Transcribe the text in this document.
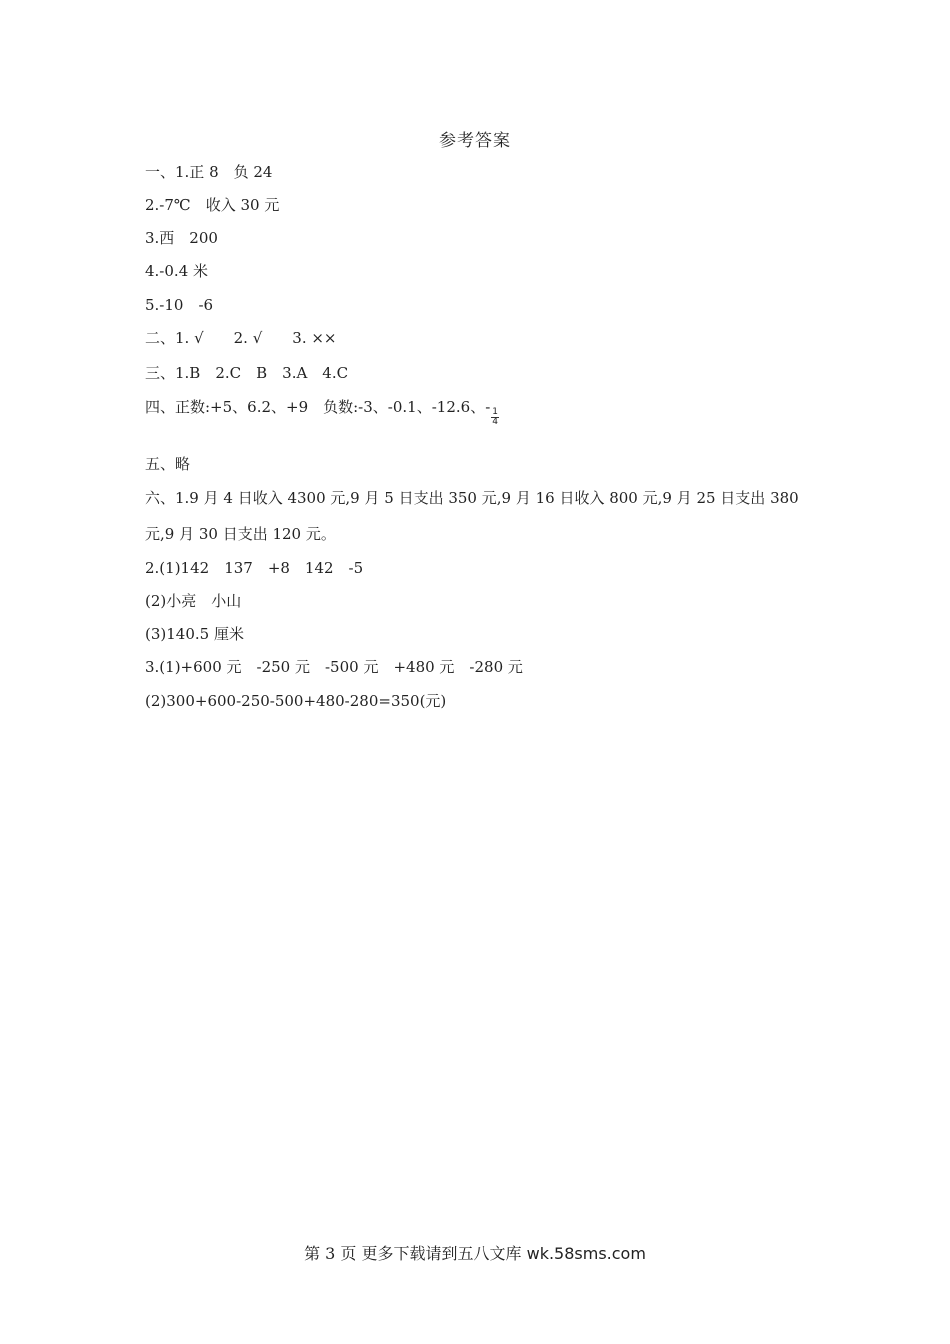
参考答案
一、1.正 8　负 24
2.-7℃　收入 30 元
3.西　200
4.-0.4 米
5.-10　-6
二、1. √　　2. √　　3. ××
三、1.B　2.C　B　3.A　4.C
四、正数:+5、6.2、+9　负数:-3、-0.1、-12.6、-
$\frac{1}{4}$
五、略
六、1.9 月 4 日收入 4300 元,9 月 5 日支出 350 元,9 月 16 日收入 800 元,9 月 25 日支出 380
元,9 月 30 日支出 120 元。
2.(1)142　137　+8　142　-5
(2)小亮　小山
(3)140.5 厘米
3.(1)+600 元　-250 元　-500 元　+480 元　-280 元
(2)300+600-250-500+480-280=350(元)
第 3 页 更多下载请到五八文库 wk.58sms.com
